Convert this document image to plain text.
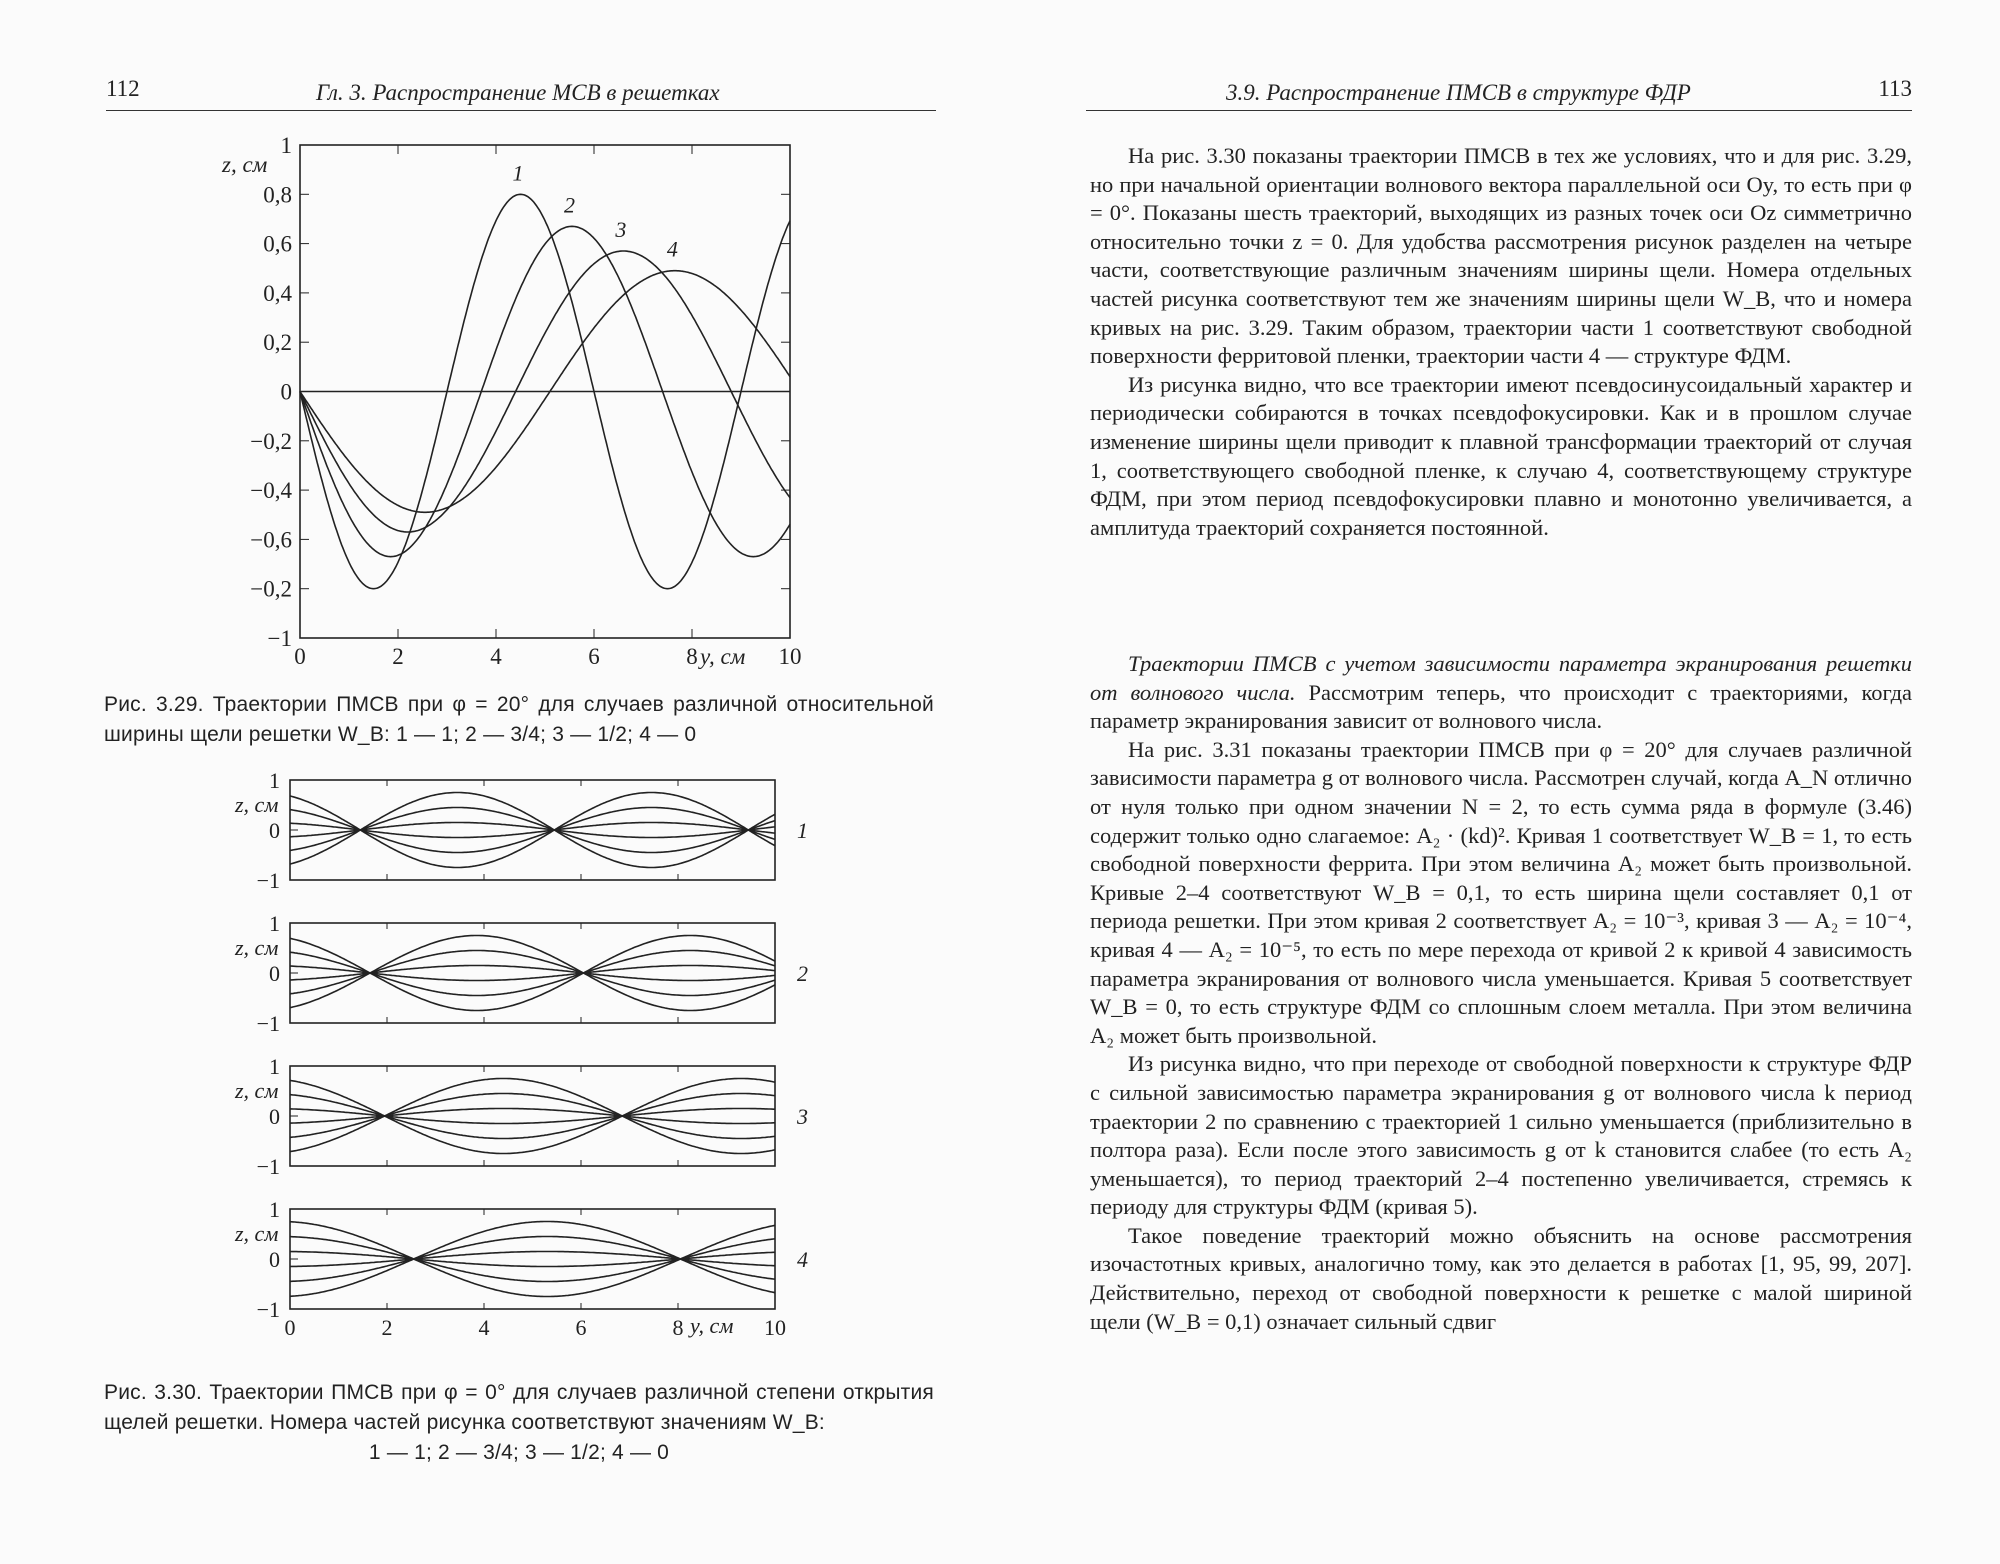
112	Гл. 3. Распространение МСВ в решетках
0	2	4	6	8	10
1
0,8
0,6
0,4
0,2
0
−0,2
−0,4
−0,6
−0,2
−1
z, см
y, см
1
2
3
4
Рис. 3.29. Траектории ПМСВ при φ = 20° для случаев различной относительной ширины щели решетки W_B: 1 — 1; 2 — 3/4; 3 — 1/2; 4 — 0
1
0
−1
z, см
1
1
0
−1
z, см
2
1
0
−1
z, см
3
1
0
−1
z, см
4
0	2	4	6	8	10
y, см
Рис. 3.30. Траектории ПМСВ при φ = 0° для случаев различной степени открытия щелей решетки. Номера частей рисунка соответствуют значениям W_B:
1 — 1; 2 — 3/4; 3 — 1/2; 4 — 0
3.9. Распространение ПМСВ в структуре ФДР	113

На рис. 3.30 показаны траектории ПМСВ в тех же условиях, что и для рис. 3.29, но при начальной ориентации волнового вектора параллельной оси Oy, то есть при φ = 0°. Показаны шесть траекторий, выходящих из разных точек оси Oz симметрично относительно точки z = 0. Для удобства рассмотрения рисунок разделен на четыре части, соответствующие различным значениям ширины щели. Номера отдельных частей рисунка соответствуют тем же значениям ширины щели W_B, что и номера кривых на рис. 3.29. Таким образом, траектории части 1 соответствуют свободной поверхности ферритовой пленки, траектории части 4 — структуре ФДМ.

Из рисунка видно, что все траектории имеют псевдосинусоидальный характер и периодически собираются в точках псевдофокусировки. Как и в прошлом случае изменение ширины щели приводит к плавной трансформации траекторий от случая 1, соответствующего свободной пленке, к случаю 4, соответствующему структуре ФДМ, при этом период псевдофокусировки плавно и монотонно увеличивается, а амплитуда траекторий сохраняется постоянной.

Траектории ПМСВ с учетом зависимости параметра экранирования решетки от волнового числа. Рассмотрим теперь, что происходит с траекториями, когда параметр экранирования зависит от волнового числа.

На рис. 3.31 показаны траектории ПМСВ при φ = 20° для случаев различной зависимости параметра g от волнового числа. Рассмотрен случай, когда A_N отлично от нуля только при одном значении N = 2, то есть сумма ряда в формуле (3.46) содержит только одно слагаемое: A₂ · (kd)². Кривая 1 соответствует W_B = 1, то есть свободной поверхности феррита. При этом величина A₂ может быть произвольной. Кривые 2–4 соответствуют W_B = 0,1, то есть ширина щели составляет 0,1 от периода решетки. При этом кривая 2 соответствует A₂ = 10⁻³, кривая 3 — A₂ = 10⁻⁴, кривая 4 — A₂ = 10⁻⁵, то есть по мере перехода от кривой 2 к кривой 4 зависимость параметра экранирования от волнового числа уменьшается. Кривая 5 соответствует W_B = 0, то есть структуре ФДМ со сплошным слоем металла. При этом величина A₂ может быть произвольной.

Из рисунка видно, что при переходе от свободной поверхности к структуре ФДР с сильной зависимостью параметра экранирования g от волнового числа k период траектории 2 по сравнению с траекторией 1 сильно уменьшается (приблизительно в полтора раза). Если после этого зависимость g от k становится слабее (то есть A₂ уменьшается), то период траекторий 2–4 постепенно увеличивается, стремясь к периоду для структуры ФДМ (кривая 5).

Такое поведение траекторий можно объяснить на основе рассмотрения изочастотных кривых, аналогично тому, как это делается в работах [1, 95, 99, 207]. Действительно, переход от свободной поверхности к решетке с малой шириной щели (W_B = 0,1) означает сильный сдвиг
